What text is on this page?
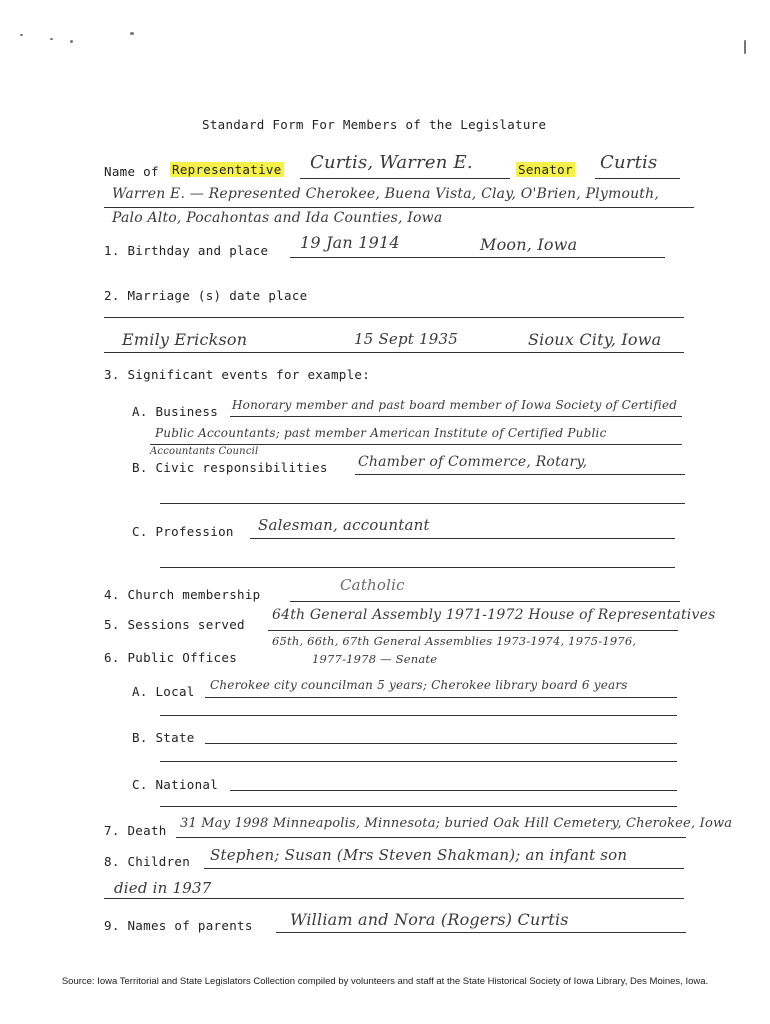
Standard Form For Members of the Legislature
Name of Representative Curtis, Warren E.	Senator Curtis
Warren E. — Represented Cherokee, Buena Vista, Clay, O'Brien, Plymouth,
Palo Alto, Pocahontas and Ida Counties, Iowa
1. Birthday and place 19 Jan 1914	Moon, Iowa
2. Marriage (s) date place
Emily Erickson	15 Sept 1935	Sioux City, Iowa
3. Significant events for example:
A. Business Honorary member and past board member of Iowa Society of Certified
Public Accountants; past member American Institute of Certified Public
Accountants Council
B. Civic responsibilities Chamber of Commerce, Rotary,
C. Profession Salesman, accountant
4. Church membership
Catholic
5. Sessions served
64th General Assembly 1971-1972 House of Representatives
65th, 66th, 67th General Assemblies 1973-1974, 1975-1976,
1977-1978 — Senate
6. Public Offices
A. Local Cherokee city councilman 5 years; Cherokee library board 6 years
B. State
C. National
7. Death 31 May 1998 Minneapolis, Minnesota; buried Oak Hill Cemetery, Cherokee, Iowa
8. Children Stephen; Susan (Mrs Steven Shakman); an infant son
died in 1937
9. Names of parents William and Nora (Rogers) Curtis
Source: Iowa Territorial and State Legislators Collection compiled by volunteers and staff at the State Historical Society of Iowa Library, Des Moines, Iowa.
